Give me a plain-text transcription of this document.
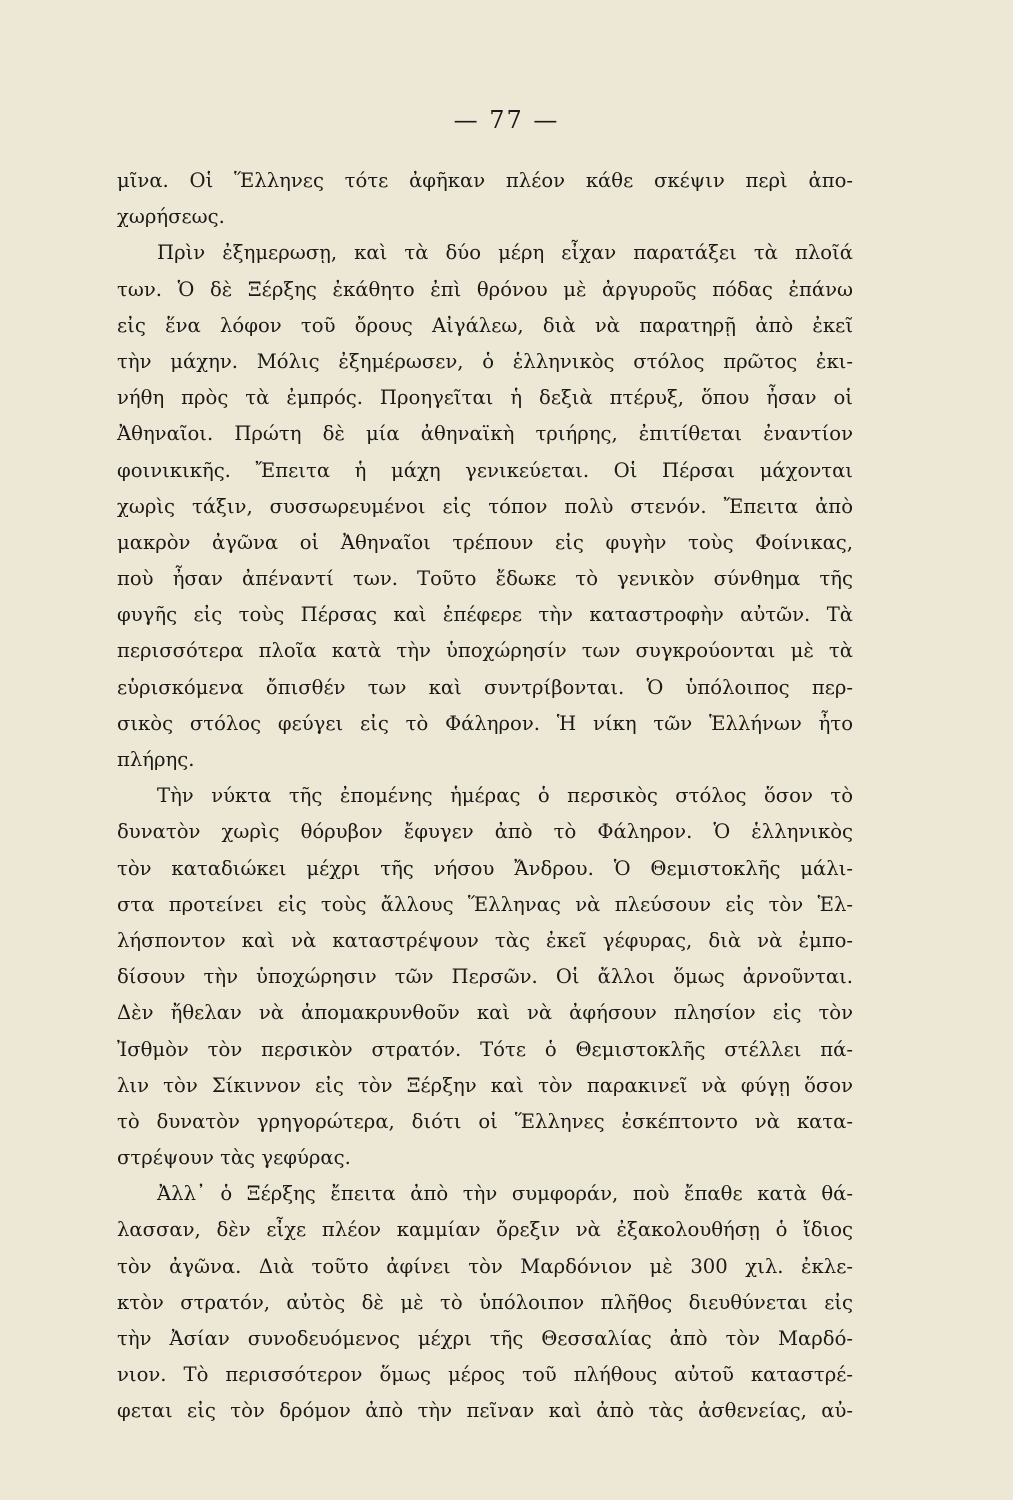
— 77 —
μῖνα. Οἱ Ἕλληνες τότε ἀφῆκαν πλέον κάθε σκέψιν περὶ ἀπο-
χωρήσεως.
Πρὶν ἐξημερωσῃ, καὶ τὰ δύο μέρη εἶχαν παρατάξει τὰ πλοῖά
των. Ὁ δὲ Ξέρξης ἐκάθητο ἐπὶ θρόνου μὲ ἀργυροῦς πόδας ἐπάνω
εἰς ἕνα λόφον τοῦ ὄρους Αἰγάλεω, διὰ νὰ παρατηρῇ ἀπὸ ἐκεῖ
τὴν μάχην. Μόλις ἐξημέρωσεν, ὁ ἑλληνικὸς στόλος πρῶτος ἐκι-
νήθη πρὸς τὰ ἐμπρός. Προηγεῖται ἡ δεξιὰ πτέρυξ, ὅπου ἦσαν οἱ
Ἀθηναῖοι. Πρώτη δὲ μία ἀθηναϊκὴ τριήρης, ἐπιτίθεται ἐναντίον
φοινικικῆς. Ἔπειτα ἡ μάχη γενικεύεται. Οἱ Πέρσαι μάχονται
χωρὶς τάξιν, συσσωρευμένοι εἰς τόπον πολὺ στενόν. Ἔπειτα ἀπὸ
μακρὸν ἀγῶνα οἱ Ἀθηναῖοι τρέπουν εἰς φυγὴν τοὺς Φοίνικας,
ποὺ ἦσαν ἀπέναντί των. Τοῦτο ἔδωκε τὸ γενικὸν σύνθημα τῆς
φυγῆς εἰς τοὺς Πέρσας καὶ ἐπέφερε τὴν καταστροφὴν αὐτῶν. Τὰ
περισσότερα πλοῖα κατὰ τὴν ὑποχώρησίν των συγκρούονται μὲ τὰ
εὑρισκόμενα ὄπισθέν των καὶ συντρίβονται. Ὁ ὑπόλοιπος περ-
σικὸς στόλος φεύγει εἰς τὸ Φάληρον. Ἡ νίκη τῶν Ἑλλήνων ἦτο
πλήρης.
Τὴν νύκτα τῆς ἐπομένης ἡμέρας ὁ περσικὸς στόλος ὅσον τὸ
δυνατὸν χωρὶς θόρυβον ἔφυγεν ἀπὸ τὸ Φάληρον. Ὁ ἑλληνικὸς
τὸν καταδιώκει μέχρι τῆς νήσου Ἄνδρου. Ὁ Θεμιστοκλῆς μάλι-
στα προτείνει εἰς τοὺς ἄλλους Ἕλληνας νὰ πλεύσουν εἰς τὸν Ἑλ-
λήσποντον καὶ νὰ καταστρέψουν τὰς ἐκεῖ γέφυρας, διὰ νὰ ἐμπο-
δίσουν τὴν ὑποχώρησιν τῶν Περσῶν. Οἱ ἄλλοι ὅμως ἀρνοῦνται.
Δὲν ἤθελαν νὰ ἀπομακρυνθοῦν καὶ νὰ ἀφήσουν πλησίον εἰς τὸν
Ἰσθμὸν τὸν περσικὸν στρατόν. Τότε ὁ Θεμιστοκλῆς στέλλει πά-
λιν τὸν Σίκιννον εἰς τὸν Ξέρξην καὶ τὸν παρακινεῖ νὰ φύγῃ ὅσον
τὸ δυνατὸν γρηγορώτερα, διότι οἱ Ἕλληνες ἐσκέπτοντο νὰ κατα-
στρέψουν τὰς γεφύρας.
Ἀλλ᾿ ὁ Ξέρξης ἔπειτα ἀπὸ τὴν συμφοράν, ποὺ ἔπαθε κατὰ θά-
λασσαν, δὲν εἶχε πλέον καμμίαν ὄρεξιν νὰ ἐξακολουθήσῃ ὁ ἴδιος
τὸν ἀγῶνα. Διὰ τοῦτο ἀφίνει τὸν Μαρδόνιον μὲ 300 χιλ. ἐκλε-
κτὸν στρατόν, αὐτὸς δὲ μὲ τὸ ὑπόλοιπον πλῆθος διευθύνεται εἰς
τὴν Ἀσίαν συνοδευόμενος μέχρι τῆς Θεσσαλίας ἀπὸ τὸν Μαρδό-
νιον. Τὸ περισσότερον ὅμως μέρος τοῦ πλήθους αὐτοῦ καταστρέ-
φεται εἰς τὸν δρόμον ἀπὸ τὴν πεῖναν καὶ ἀπὸ τὰς ἀσθενείας, αὐ-
